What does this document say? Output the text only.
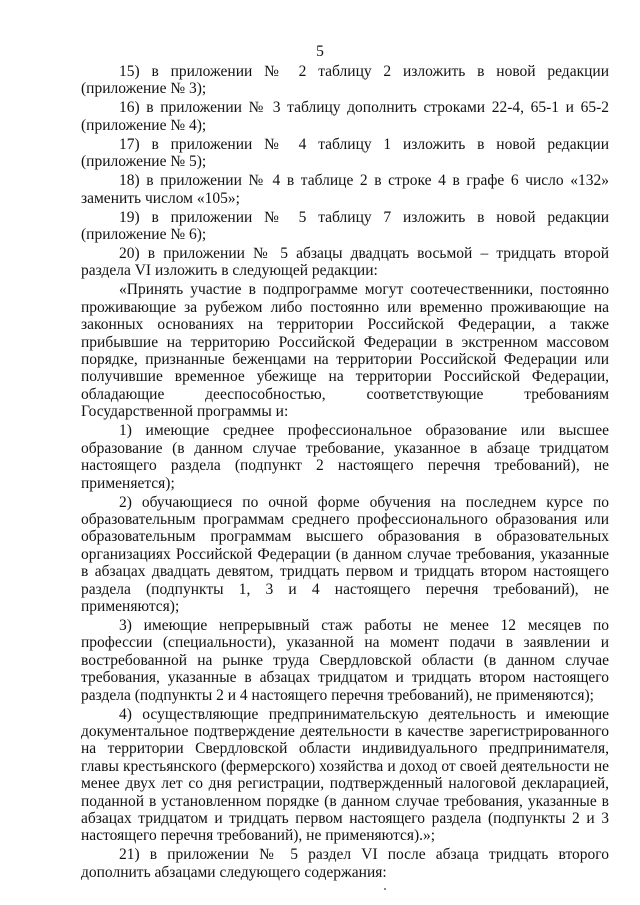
5

15) в приложении № 2 таблицу 2 изложить в новой редакции (приложение № 3);

16) в приложении № 3 таблицу дополнить строками 22-4, 65-1 и 65-2 (приложение № 4);

17) в приложении № 4 таблицу 1 изложить в новой редакции (приложение № 5);

18) в приложении № 4 в таблице 2 в строке 4 в графе 6 число «132» заменить числом «105»;

19) в приложении № 5 таблицу 7 изложить в новой редакции (приложение № 6);

20) в приложении № 5 абзацы двадцать восьмой – тридцать второй раздела VI изложить в следующей редакции:

«Принять участие в подпрограмме могут соотечественники, постоянно проживающие за рубежом либо постоянно или временно проживающие на законных основаниях на территории Российской Федерации, а также прибывшие на территорию Российской Федерации в экстренном массовом порядке, признанные беженцами на территории Российской Федерации или получившие временное убежище на территории Российской Федерации, обладающие дееспособностью, соответствующие требованиям Государственной программы и:

1) имеющие среднее профессиональное образование или высшее образование (в данном случае требование, указанное в абзаце тридцатом настоящего раздела (подпункт 2 настоящего перечня требований), не применяется);

2) обучающиеся по очной форме обучения на последнем курсе по образовательным программам среднего профессионального образования или образовательным программам высшего образования в образовательных организациях Российской Федерации (в данном случае требования, указанные в абзацах двадцать девятом, тридцать первом и тридцать втором настоящего раздела (подпункты 1, 3 и 4 настоящего перечня требований), не применяются);

3) имеющие непрерывный стаж работы не менее 12 месяцев по профессии (специальности), указанной на момент подачи в заявлении и востребованной на рынке труда Свердловской области (в данном случае требования, указанные в абзацах тридцатом и тридцать втором настоящего раздела (подпункты 2 и 4 настоящего перечня требований), не применяются);

4) осуществляющие предпринимательскую деятельность и имеющие документальное подтверждение деятельности в качестве зарегистрированного на территории Свердловской области индивидуального предпринимателя, главы крестьянского (фермерского) хозяйства и доход от своей деятельности не менее двух лет со дня регистрации, подтвержденный налоговой декларацией, поданной в установленном порядке (в данном случае требования, указанные в абзацах тридцатом и тридцать первом настоящего раздела (подпункты 2 и 3 настоящего перечня требований), не применяются).»;

21) в приложении № 5 раздел VI после абзаца тридцать второго дополнить абзацами следующего содержания:
